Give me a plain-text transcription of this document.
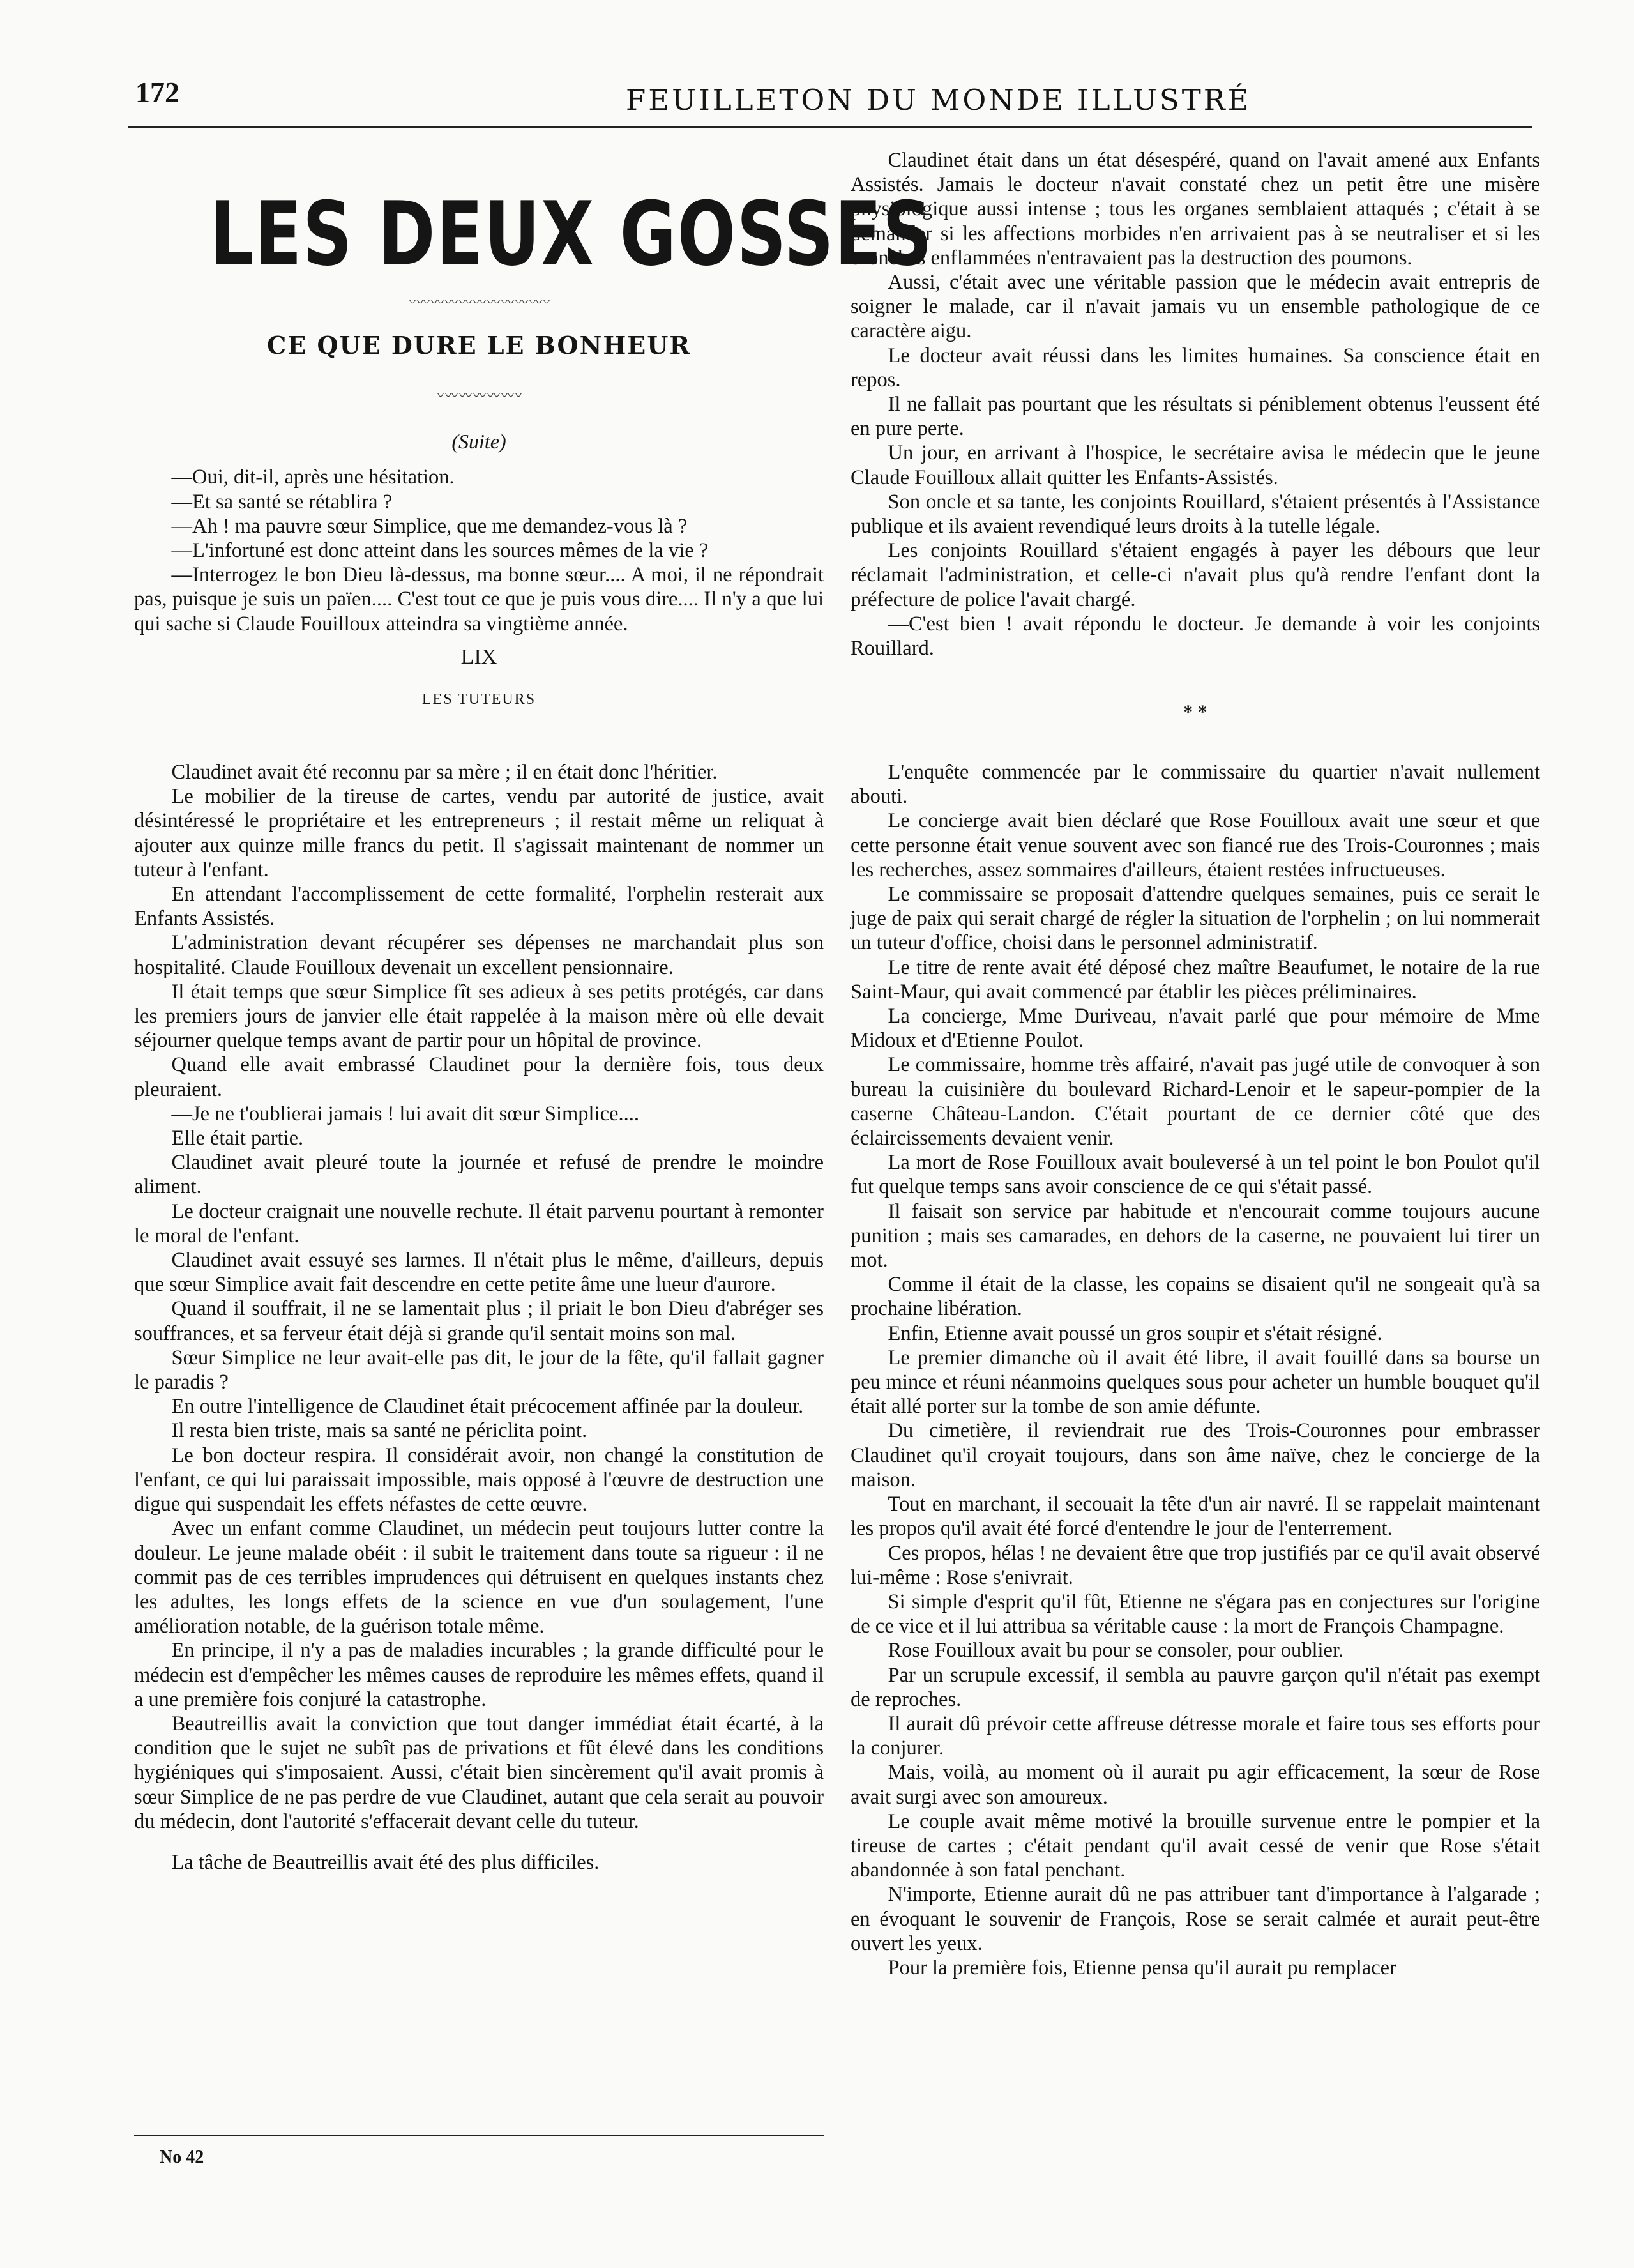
172	FEUILLETON DU MONDE ILLUSTRÉ
LES DEUX GOSSES
〰〰〰〰〰〰〰〰〰〰
CE QUE DURE LE BONHEUR
〰〰〰〰〰〰
(Suite)

—Oui, dit-il, après une hésitation.

—Et sa santé se rétablira ?

—Ah ! ma pauvre sœur Simplice, que me demandez-vous là ?

—L'infortuné est donc atteint dans les sources mêmes de la vie ?

—Interrogez le bon Dieu là-dessus, ma bonne sœur.... A moi, il ne répondrait pas, puisque je suis un païen.... C'est tout ce que je puis vous dire.... Il n'y a que lui qui sache si Claude Fouilloux atteindra sa vingtième année.

LIX
LES TUTEURS

Claudinet était dans un état désespéré, quand on l'avait amené aux Enfants Assistés. Jamais le docteur n'avait constaté chez un petit être une misère physiologique aussi intense ; tous les organes semblaient attaqués ; c'était à se demander si les affections morbides n'en arrivaient pas à se neutraliser et si les bronches enflammées n'entravaient pas la destruction des poumons.

Aussi, c'était avec une véritable passion que le médecin avait entrepris de soigner le malade, car il n'avait jamais vu un ensemble pathologique de ce caractère aigu.

Le docteur avait réussi dans les limites humaines. Sa conscience était en repos.

Il ne fallait pas pourtant que les résultats si péniblement obtenus l'eussent été en pure perte.

Un jour, en arrivant à l'hospice, le secrétaire avisa le médecin que le jeune Claude Fouilloux allait quitter les Enfants-Assistés.

Son oncle et sa tante, les conjoints Rouillard, s'étaient présentés à l'Assistance publique et ils avaient revendiqué leurs droits à la tutelle légale.

Les conjoints Rouillard s'étaient engagés à payer les débours que leur réclamait l'administration, et celle-ci n'avait plus qu'à rendre l'enfant dont la préfecture de police l'avait chargé.

—C'est bien ! avait répondu le docteur. Je demande à voir les conjoints Rouillard.

* *

Claudinet avait été reconnu par sa mère ; il en était donc l'héritier.

Le mobilier de la tireuse de cartes, vendu par autorité de justice, avait désintéressé le propriétaire et les entrepreneurs ; il restait même un reliquat à ajouter aux quinze mille francs du petit. Il s'agissait maintenant de nommer un tuteur à l'enfant.

En attendant l'accomplissement de cette formalité, l'orphelin resterait aux Enfants Assistés.

L'administration devant récupérer ses dépenses ne marchandait plus son hospitalité. Claude Fouilloux devenait un excellent pensionnaire.

Il était temps que sœur Simplice fît ses adieux à ses petits protégés, car dans les premiers jours de janvier elle était rappelée à la maison mère où elle devait séjourner quelque temps avant de partir pour un hôpital de province.

Quand elle avait embrassé Claudinet pour la dernière fois, tous deux pleuraient.

—Je ne t'oublierai jamais ! lui avait dit sœur Simplice....

Elle était partie.

Claudinet avait pleuré toute la journée et refusé de prendre le moindre aliment.

Le docteur craignait une nouvelle rechute. Il était parvenu pourtant à remonter le moral de l'enfant.

Claudinet avait essuyé ses larmes. Il n'était plus le même, d'ailleurs, depuis que sœur Simplice avait fait descendre en cette petite âme une lueur d'aurore.

Quand il souffrait, il ne se lamentait plus ; il priait le bon Dieu d'abréger ses souffrances, et sa ferveur était déjà si grande qu'il sentait moins son mal.

Sœur Simplice ne leur avait-elle pas dit, le jour de la fête, qu'il fallait gagner le paradis ?

En outre l'intelligence de Claudinet était précocement affinée par la douleur.

Il resta bien triste, mais sa santé ne périclita point.

Le bon docteur respira. Il considérait avoir, non changé la constitution de l'enfant, ce qui lui paraissait impossible, mais opposé à l'œuvre de destruction une digue qui suspendait les effets néfastes de cette œuvre.

Avec un enfant comme Claudinet, un médecin peut toujours lutter contre la douleur. Le jeune malade obéit : il subit le traitement dans toute sa rigueur : il ne commit pas de ces terribles imprudences qui détruisent en quelques instants chez les adultes, les longs effets de la science en vue d'un soulagement, l'une amélioration notable, de la guérison totale même.

En principe, il n'y a pas de maladies incurables ; la grande difficulté pour le médecin est d'empêcher les mêmes causes de reproduire les mêmes effets, quand il a une première fois conjuré la catastrophe.

Beautreillis avait la conviction que tout danger immédiat était écarté, à la condition que le sujet ne subît pas de privations et fût élevé dans les conditions hygiéniques qui s'imposaient. Aussi, c'était bien sincèrement qu'il avait promis à sœur Simplice de ne pas perdre de vue Claudinet, autant que cela serait au pouvoir du médecin, dont l'autorité s'effacerait devant celle du tuteur.

La tâche de Beautreillis avait été des plus difficiles.

No 42

L'enquête commencée par le commissaire du quartier n'avait nullement abouti.

Le concierge avait bien déclaré que Rose Fouilloux avait une sœur et que cette personne était venue souvent avec son fiancé rue des Trois-Couronnes ; mais les recherches, assez sommaires d'ailleurs, étaient restées infructueuses.

Le commissaire se proposait d'attendre quelques semaines, puis ce serait le juge de paix qui serait chargé de régler la situation de l'orphelin ; on lui nommerait un tuteur d'office, choisi dans le personnel administratif.

Le titre de rente avait été déposé chez maître Beaufumet, le notaire de la rue Saint-Maur, qui avait commencé par établir les pièces préliminaires.

La concierge, Mme Duriveau, n'avait parlé que pour mémoire de Mme Midoux et d'Etienne Poulot.

Le commissaire, homme très affairé, n'avait pas jugé utile de convoquer à son bureau la cuisinière du boulevard Richard-Lenoir et le sapeur-pompier de la caserne Château-Landon. C'était pourtant de ce dernier côté que des éclaircissements devaient venir.

La mort de Rose Fouilloux avait bouleversé à un tel point le bon Poulot qu'il fut quelque temps sans avoir conscience de ce qui s'était passé.

Il faisait son service par habitude et n'encourait comme toujours aucune punition ; mais ses camarades, en dehors de la caserne, ne pouvaient lui tirer un mot.

Comme il était de la classe, les copains se disaient qu'il ne songeait qu'à sa prochaine libération.

Enfin, Etienne avait poussé un gros soupir et s'était résigné.

Le premier dimanche où il avait été libre, il avait fouillé dans sa bourse un peu mince et réuni néanmoins quelques sous pour acheter un humble bouquet qu'il était allé porter sur la tombe de son amie défunte.

Du cimetière, il reviendrait rue des Trois-Couronnes pour embrasser Claudinet qu'il croyait toujours, dans son âme naïve, chez le concierge de la maison.

Tout en marchant, il secouait la tête d'un air navré. Il se rappelait maintenant les propos qu'il avait été forcé d'entendre le jour de l'enterrement.

Ces propos, hélas ! ne devaient être que trop justifiés par ce qu'il avait observé lui-même : Rose s'enivrait.

Si simple d'esprit qu'il fût, Etienne ne s'égara pas en conjectures sur l'origine de ce vice et il lui attribua sa véritable cause : la mort de François Champagne.

Rose Fouilloux avait bu pour se consoler, pour oublier.

Par un scrupule excessif, il sembla au pauvre garçon qu'il n'était pas exempt de reproches.

Il aurait dû prévoir cette affreuse détresse morale et faire tous ses efforts pour la conjurer.

Mais, voilà, au moment où il aurait pu agir efficacement, la sœur de Rose avait surgi avec son amoureux.

Le couple avait même motivé la brouille survenue entre le pompier et la tireuse de cartes ; c'était pendant qu'il avait cessé de venir que Rose s'était abandonnée à son fatal penchant.

N'importe, Etienne aurait dû ne pas attribuer tant d'importance à l'algarade ; en évoquant le souvenir de François, Rose se serait calmée et aurait peut-être ouvert les yeux.

Pour la première fois, Etienne pensa qu'il aurait pu remplacer
